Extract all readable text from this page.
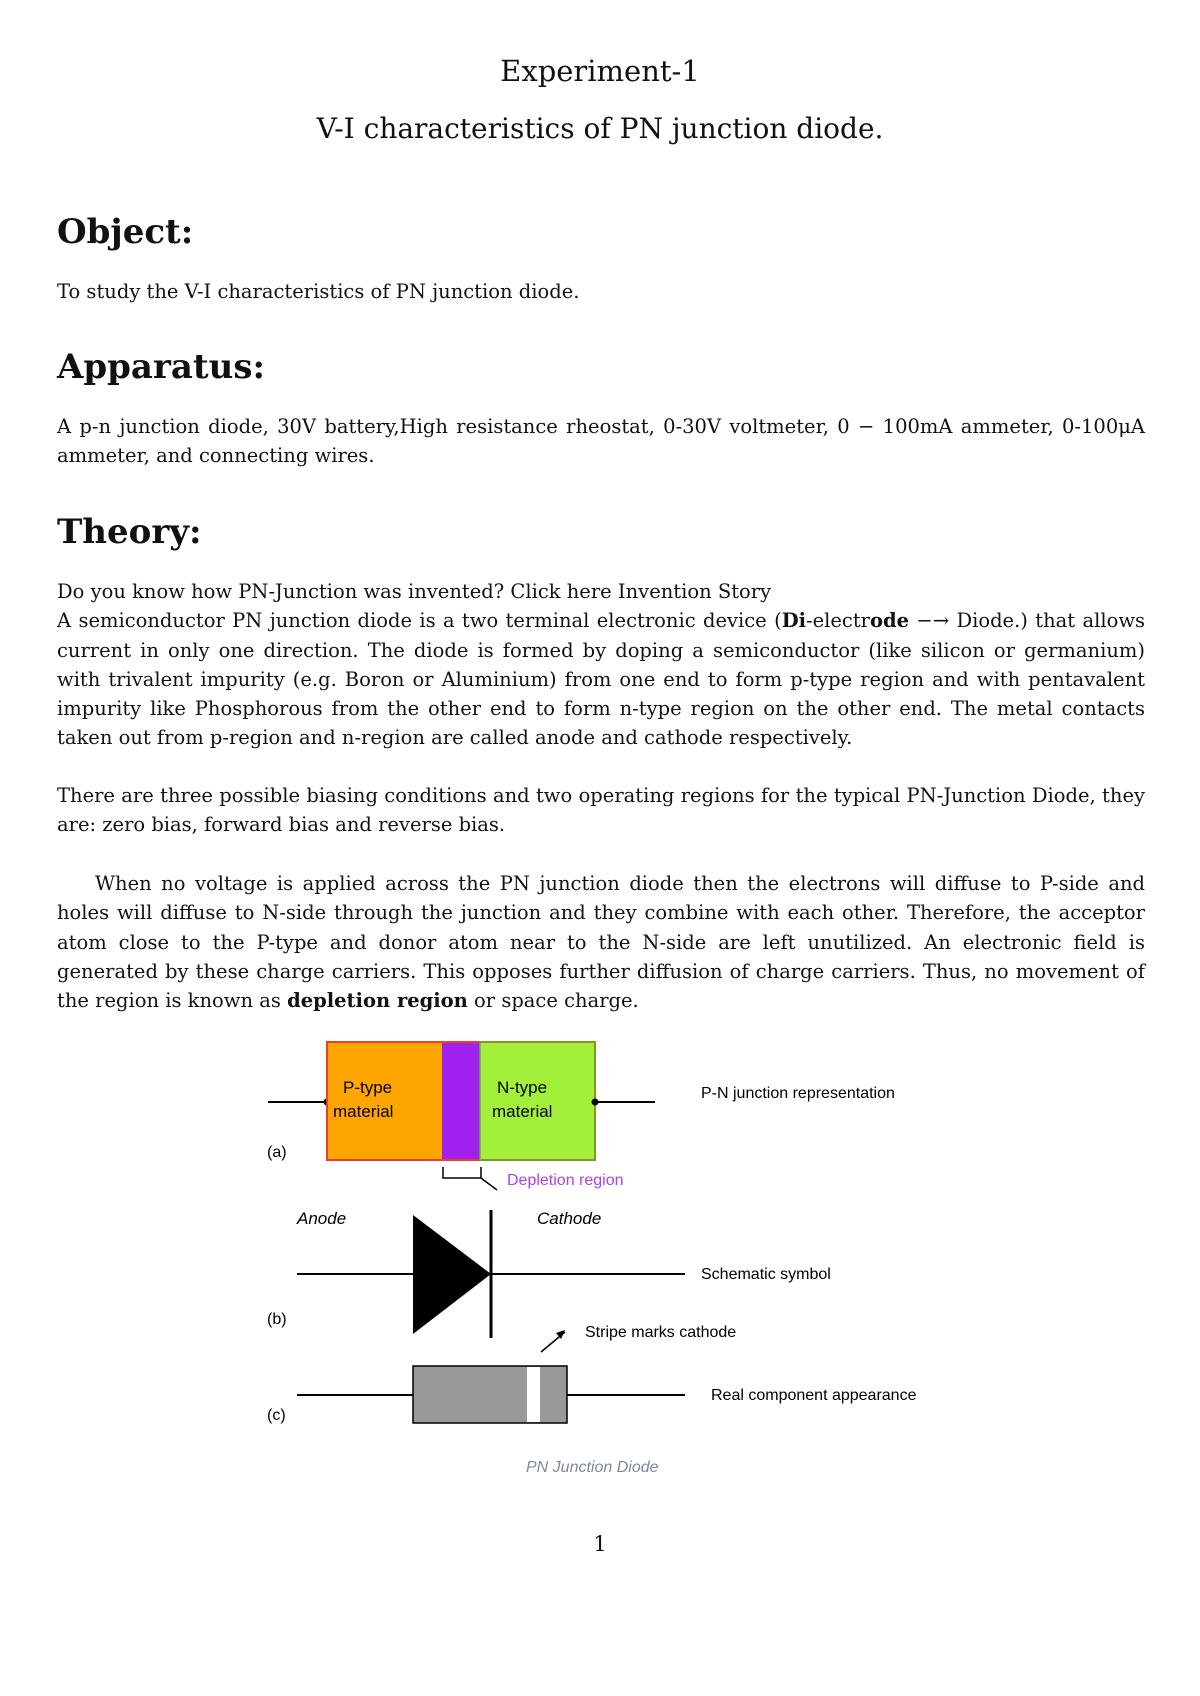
Experiment-1
V-I characteristics of PN junction diode.
Object:

To study the V-I characteristics of PN junction diode.

Apparatus:

A p-n junction diode, 30V battery,High resistance rheostat, 0-30V voltmeter, 0 − 100mA ammeter, 0-100μA ammeter, and connecting wires.

Theory:

Do you know how PN-Junction was invented? Click here Invention Story
A semiconductor PN junction diode is a two terminal electronic device (Di-electrode −→ Diode.) that allows current in only one direction. The diode is formed by doping a semiconductor (like silicon or germanium) with trivalent impurity (e.g. Boron or Aluminium) from one end to form p-type region and with pentavalent impurity like Phosphorous from the other end to form n-type region on the other end. The metal contacts taken out from p-region and n-region are called anode and cathode respectively.

There are three possible biasing conditions and two operating regions for the typical PN-Junction Diode, they are: zero bias, forward bias and reverse bias.

When no voltage is applied across the PN junction diode then the electrons will diffuse to P-side and holes will diffuse to N-side through the junction and they combine with each other. Therefore, the acceptor atom close to the P-type and donor atom near to the N-side are left unutilized. An electronic field is generated by these charge carriers. This opposes further diffusion of charge carriers. Thus, no movement of the region is known as depletion region or space charge.

P-type
material
N-type
material
P-N junction representation
(a)
Depletion region
Anode	Cathode
Schematic symbol
(b)
Stripe marks cathode
Real component appearance
(c)
PN Junction Diode
1
